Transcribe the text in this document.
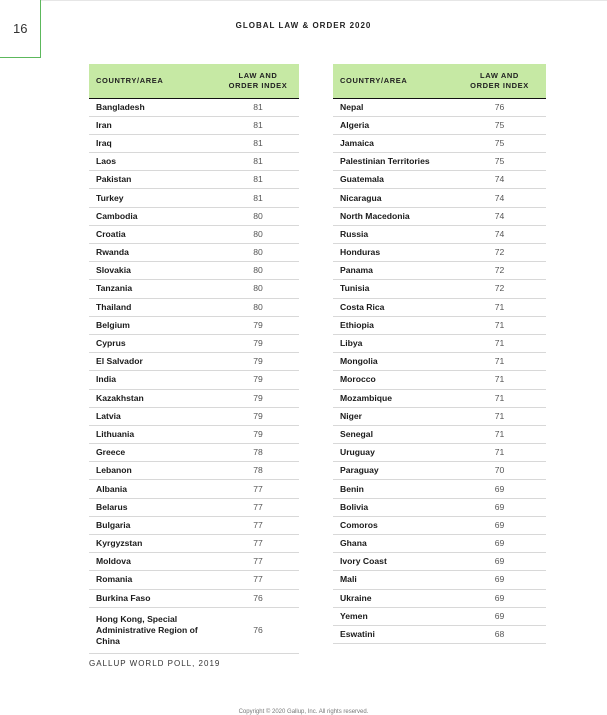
16	GLOBAL LAW & ORDER 2020
COUNTRY/AREA	LAW AND
ORDER INDEX
Bangladesh	81
Iran	81
Iraq	81
Laos	81
Pakistan	81
Turkey	81
Cambodia	80
Croatia	80
Rwanda	80
Slovakia	80
Tanzania	80
Thailand	80
Belgium	79
Cyprus	79
El Salvador	79
India	79
Kazakhstan	79
Latvia	79
Lithuania	79
Greece	78
Lebanon	78
Albania	77
Belarus	77
Bulgaria	77
Kyrgyzstan	77
Moldova	77
Romania	77
Burkina Faso	76
Hong Kong, Special Administrative Region of China	76
COUNTRY/AREA	LAW AND
ORDER INDEX
Nepal	76
Algeria	75
Jamaica	75
Palestinian Territories	75
Guatemala	74
Nicaragua	74
North Macedonia	74
Russia	74
Honduras	72
Panama	72
Tunisia	72
Costa Rica	71
Ethiopia	71
Libya	71
Mongolia	71
Morocco	71
Mozambique	71
Niger	71
Senegal	71
Uruguay	71
Paraguay	70
Benin	69
Bolivia	69
Comoros	69
Ghana	69
Ivory Coast	69
Mali	69
Ukraine	69
Yemen	69
Eswatini	68
GALLUP WORLD POLL, 2019
Copyright © 2020 Gallup, Inc. All rights reserved.
